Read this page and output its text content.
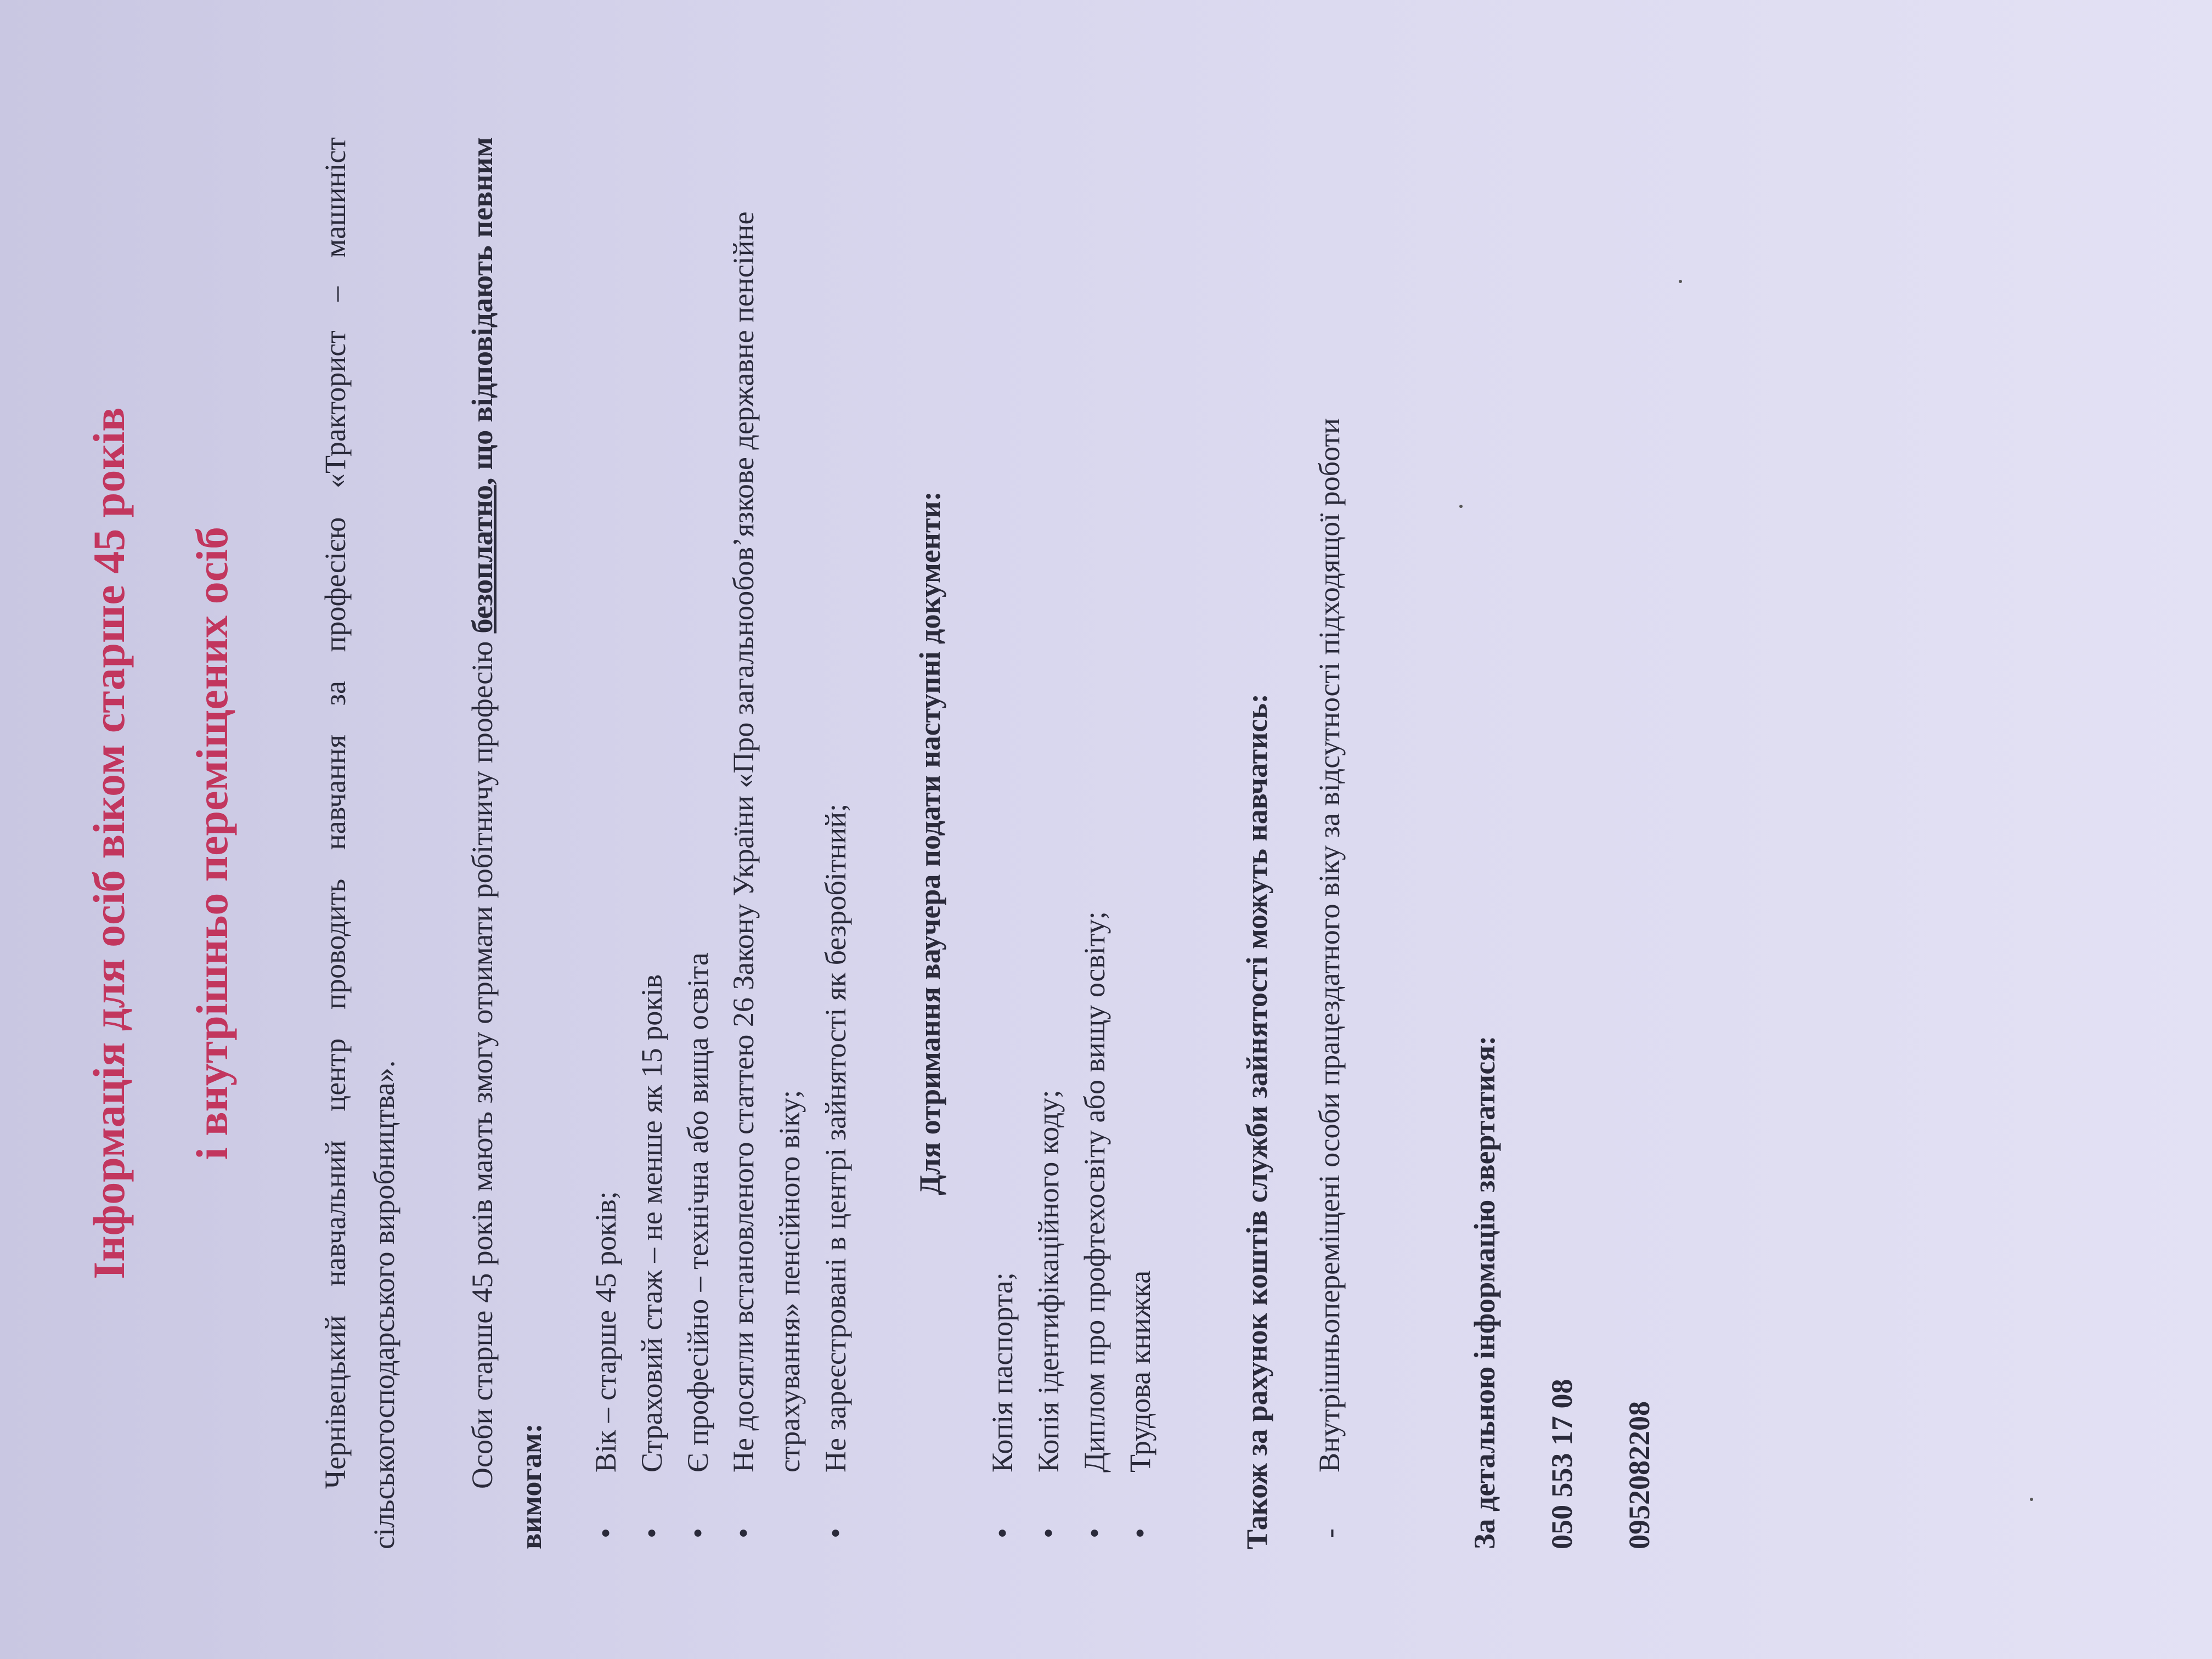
Інформація для осіб віком старше 45 років і внутрішньо переміщених осіб	Чернівецький навчальний центр проводить навчання за професією «Тракторист – машиніст сільськогосподарського виробництва». Особи старше 45 років мають змогу отримати робітничу професію безоплатно, що відповідають певним вимогам: •
Вік – старше 45 років;
•
Страховий стаж – не менше як 15 років
•
Є професійно – технічна або вища освіта
•
Не досягли встановленого статтею 26 Закону України «Про загальнообов’язкове державне пенсійне страхування» пенсійного віку;
•
Не зареєстровані в центрі зайнятості як безробітний; Для отримання ваучера подати наступні документи:

•
Копія паспорта;
•
Копія ідентифікаційного коду;
•
Диплом про профтехосвіту або вищу освіту;
•
Трудова книжка	Також за рахунок коштів служби зайнятості можуть навчатись: -
Внутрішньопереміщені особи працездатного віку за відсутності підходящої роботи	За детальною інформацію звертатися: 050 553 17 08 0952082208
